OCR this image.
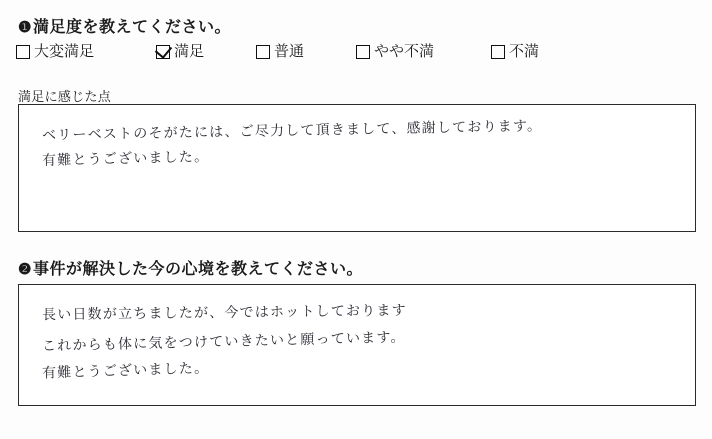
❶満足度を教えてください。
大変満足	満足	普通	やや不満	不満
満足に感じた点
ベリーベストのそがたには、ご尽力して頂きまして、感謝しております。
有難とうございました。
❷事件が解決した今の心境を教えてください。
長い日数が立ちましたが、今ではホットしております
これからも体に気をつけていきたいと願っています。
有難とうございました。
